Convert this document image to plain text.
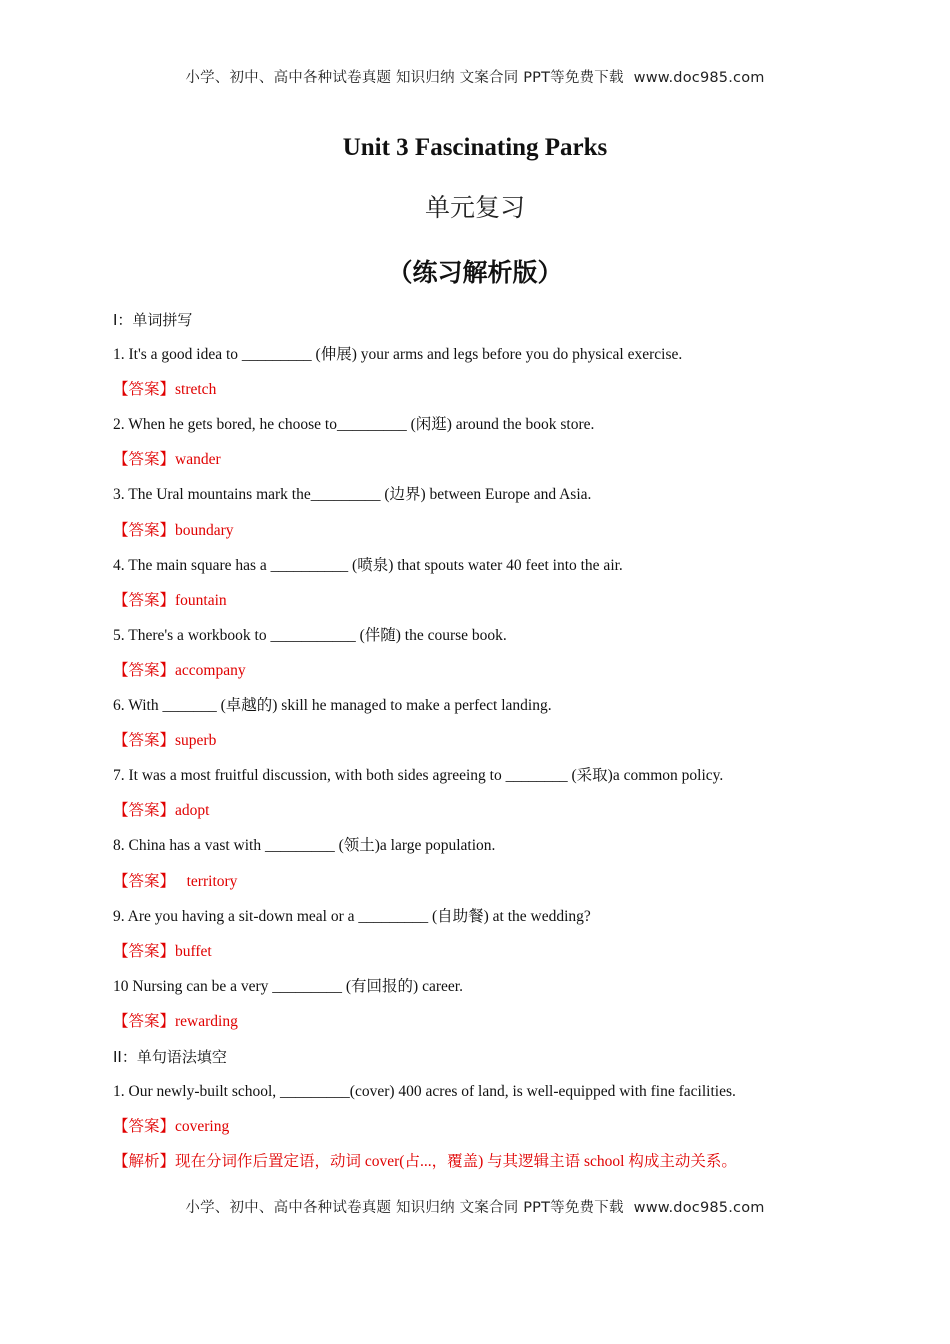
小学、初中、高中各种试卷真题 知识归纳 文案合同 PPT等免费下载 www.doc985.com
Unit 3 Fascinating Parks
单元复习
（练习解析版）
I：单词拼写
1. It's a good idea to _________ (伸展) your arms and legs before you do physical exercise.
【答案】stretch
2. When he gets bored, he choose to_________ (闲逛) around the book store.
【答案】wander
3. The Ural mountains mark the_________ (边界) between Europe and Asia.
【答案】boundary
4. The main square has a __________ (喷泉) that spouts water 40 feet into the air.
【答案】fountain
5. There's a workbook to ___________ (伴随) the course book.
【答案】accompany
6. With _______ (卓越的) skill he managed to make a perfect landing.
【答案】superb
7. It was a most fruitful discussion, with both sides agreeing to ________ (采取)a common policy.
【答案】adopt
8. China has a vast with _________ (领土)a large population.
【答案】   territory
9. Are you having a sit-down meal or a _________ (自助餐) at the wedding?
【答案】buffet
10 Nursing can be a very _________ (有回报的) career.
【答案】rewarding
II：单句语法填空
1. Our newly-built school, _________(cover) 400 acres of land, is well-equipped with fine facilities.
【答案】covering
【解析】现在分词作后置定语，动词 cover(占...，覆盖) 与其逻辑主语 school 构成主动关系。
小学、初中、高中各种试卷真题 知识归纳 文案合同 PPT等免费下载 www.doc985.com
